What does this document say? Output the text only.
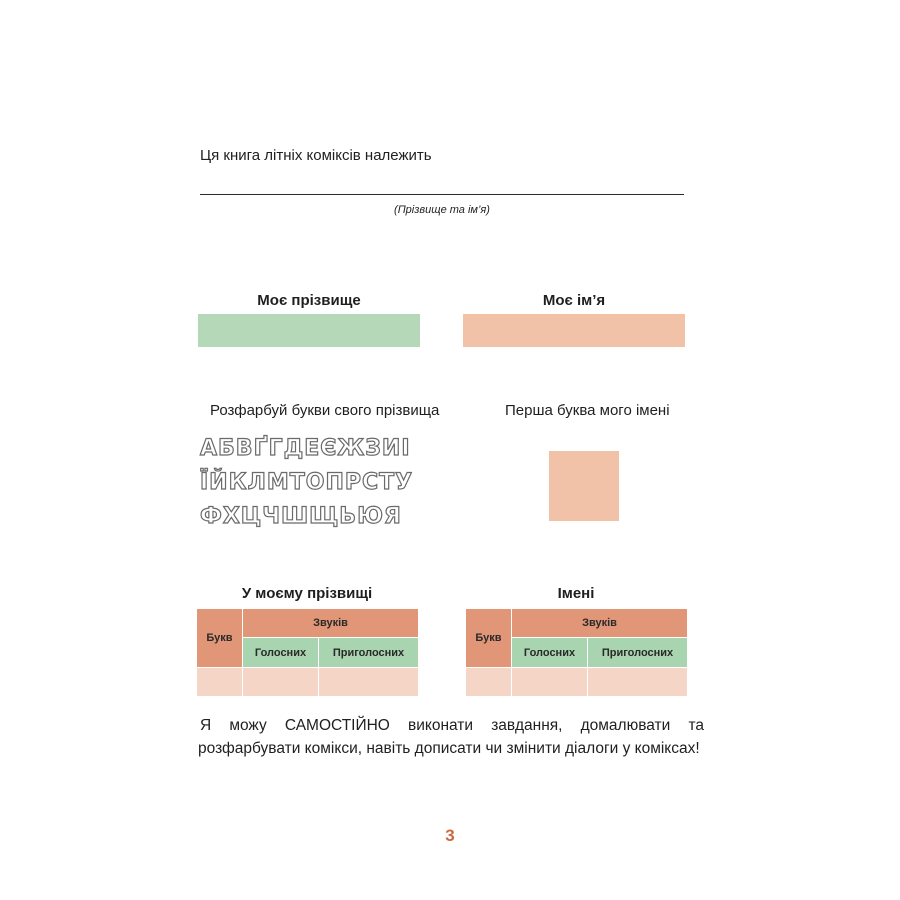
Ця книга літніх коміксів належить
(Прізвище та ім’я)
Моє прізвище	Моє ім’я
Розфарбуй букви свого прізвища	Перша буква мого імені
АБВҐГДЕЄЖЗИІ
ЇЙКЛМТОПРСТУ
ФХЦЧШЩЬЮЯ
У моєму прізвищі	Імені
Букв	Звуків	
	Голосних	Приголосних

Букв	Звуків	
	Голосних	Приголосних

Я можу САМОСТІЙНО виконати завдання, домалювати та розфарбувати комікси, навіть дописати чи змінити діалоги у коміксах!
3
